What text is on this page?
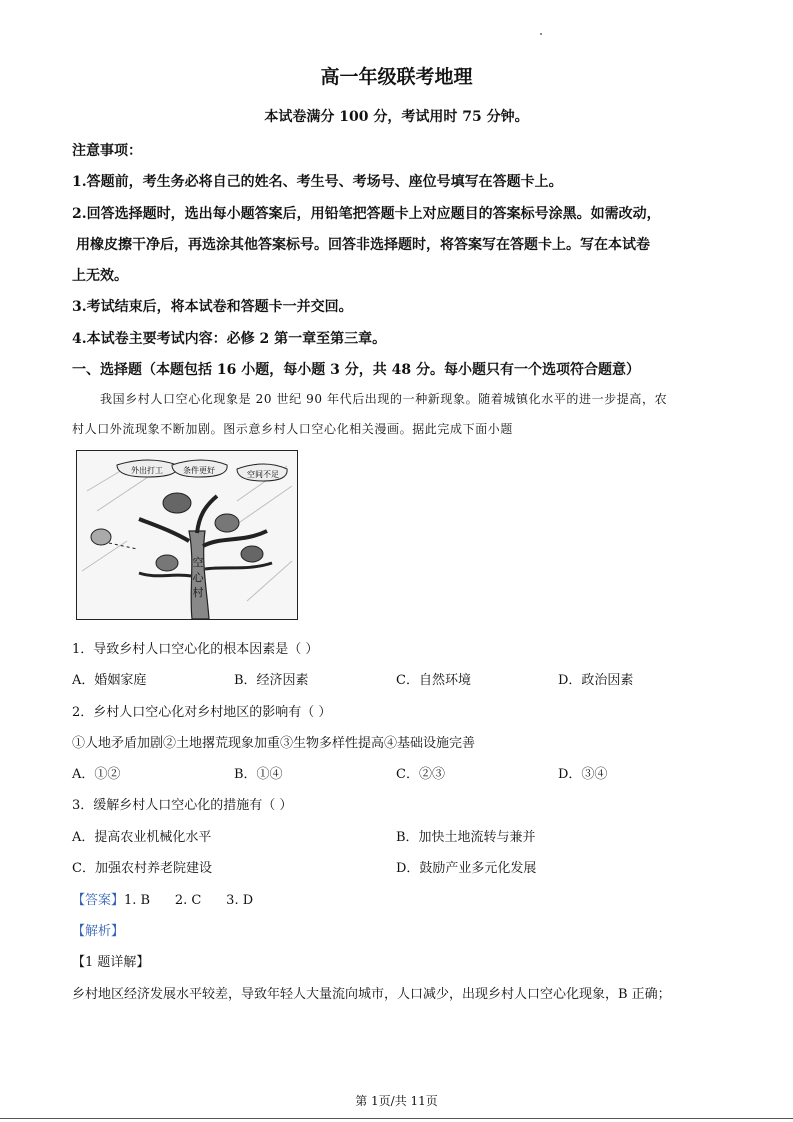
高一年级联考地理
本试卷满分 100 分，考试用时 75 分钟。
注意事项：
1.答题前，考生务必将自己的姓名、考生号、考场号、座位号填写在答题卡上。
2.回答选择题时，选出每小题答案后，用铅笔把答题卡上对应题目的答案标号涂黑。如需改动，
用橡皮擦干净后，再选涂其他答案标号。回答非选择题时，将答案写在答题卡上。写在本试卷
上无效。
3.考试结束后，将本试卷和答题卡一并交回。
4.本试卷主要考试内容：必修 2 第一章至第三章。
一、选择题（本题包括 16 小题，每小题 3 分，共 48 分。每小题只有一个选项符合题意）
我国乡村人口空心化现象是 20 世纪 90 年代后出现的一种新现象。随着城镇化水平的进一步提高，农
村人口外流现象不断加剧。图示意乡村人口空心化相关漫画。据此完成下面小题
外出打工	条件更好	空间不足
空
心
村
1．导致乡村人口空心化的根本因素是（ ）
A．婚姻家庭	B．经济因素	C．自然环境	D．政治因素
2．乡村人口空心化对乡村地区的影响有（ ）
①人地矛盾加剧②土地撂荒现象加重③生物多样性提高④基础设施完善
A．①②	B．①④	C．②③	D．③④
3．缓解乡村人口空心化的措施有（ ）
A．提高农业机械化水平	B．加快土地流转与兼并
C．加强农村养老院建设	D．鼓励产业多元化发展
【答案】1. B      2. C      3. D
【解析】
【1 题详解】
乡村地区经济发展水平较差，导致年轻人大量流向城市，人口减少，出现乡村人口空心化现象，B 正确；
第 1页/共 11页
